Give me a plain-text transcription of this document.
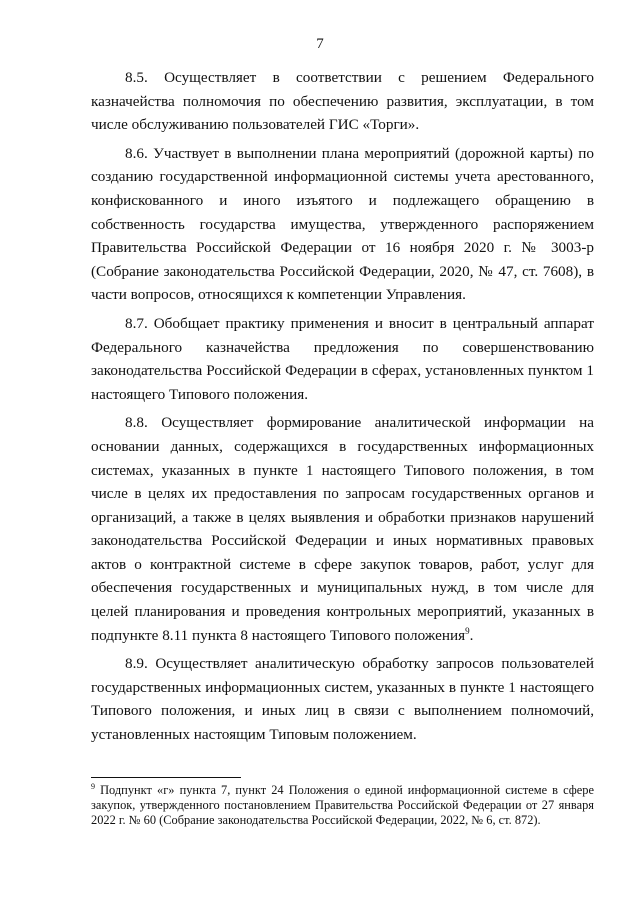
7

8.5. Осуществляет в соответствии с решением Федерального казначейства полномочия по обеспечению развития, эксплуатации, в том числе обслуживанию пользователей ГИС «Торги».

8.6. Участвует в выполнении плана мероприятий (дорожной карты) по созданию государственной информационной системы учета арестованного, конфискованного и иного изъятого и подлежащего обращению в собственность государства имущества, утвержденного распоряжением Правительства Российской Федерации от 16 ноября 2020 г. № 3003-р (Собрание законодательства Российской Федерации, 2020, № 47, ст. 7608), в части вопросов, относящихся к компетенции Управления.

8.7. Обобщает практику применения и вносит в центральный аппарат Федерального казначейства предложения по совершенствованию законодательства Российской Федерации в сферах, установленных пунктом 1 настоящего Типового положения.

8.8. Осуществляет формирование аналитической информации на основании данных, содержащихся в государственных информационных системах, указанных в пункте 1 настоящего Типового положения, в том числе в целях их предоставления по запросам государственных органов и организаций, а также в целях выявления и обработки признаков нарушений законодательства Российской Федерации и иных нормативных правовых актов о контрактной системе в сфере закупок товаров, работ, услуг для обеспечения государственных и муниципальных нужд, в том числе для целей планирования и проведения контрольных мероприятий, указанных в подпункте 8.11 пункта 8 настоящего Типового положения$^9$.

8.9. Осуществляет аналитическую обработку запросов пользователей государственных информационных систем, указанных в пункте 1 настоящего Типового положения, и иных лиц в связи с выполнением полномочий, установленных настоящим Типовым положением.

$^9$ Подпункт «г» пункта 7, пункт 24 Положения о единой информационной системе в сфере закупок, утвержденного постановлением Правительства Российской Федерации от 27 января 2022 г. № 60 (Собрание законодательства Российской Федерации, 2022, № 6, ст. 872).
